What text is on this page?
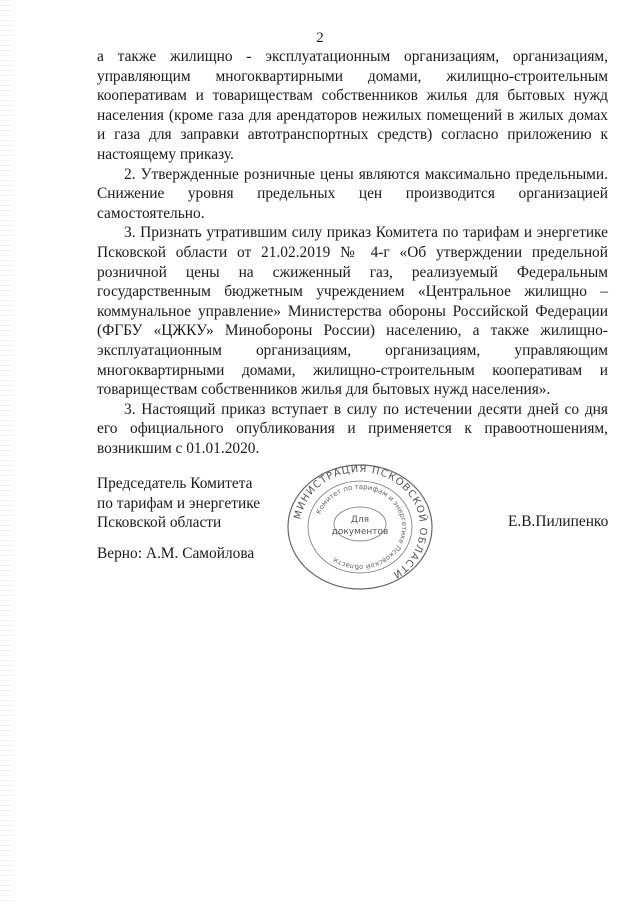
2

а также жилищно - эксплуатационным организациям, организациям, управляющим многоквартирными домами, жилищно-строительным кооперативам и товариществам собственников жилья для бытовых нужд населения (кроме газа для арендаторов нежилых помещений в жилых домах и газа для заправки автотранспортных средств) согласно приложению к настоящему приказу.

2. Утвержденные розничные цены являются максимально предельными. Снижение уровня предельных цен производится организацией самостоятельно.

3. Признать утратившим силу приказ Комитета по тарифам и энергетике Псковской области от 21.02.2019 № 4-г «Об утверждении предельной розничной цены на сжиженный газ, реализуемый Федеральным государственным бюджетным учреждением «Центральное жилищно – коммунальное управление» Министерства обороны Российской Федерации (ФГБУ «ЦЖКУ» Минобороны России) населению, а также жилищно-эксплуатационным организациям, организациям, управляющим многоквартирными домами, жилищно-строительным кооперативам и товариществам собственников жилья для бытовых нужд населения».

3. Настоящий приказ вступает в силу по истечении десяти дней со дня его официального опубликования и применяется к правоотношениям, возникшим с 01.01.2020.

Председатель Комитета
по тарифам и энергетике
Псковской области
Верно: А.М. Самойлова
Е.В.Пилипенко
МИНИСТРАЦИЯ ПСКОВСКОЙ ОБЛАСТИ
Комитет по тарифам и энергетике Псковской области
Для
документов
